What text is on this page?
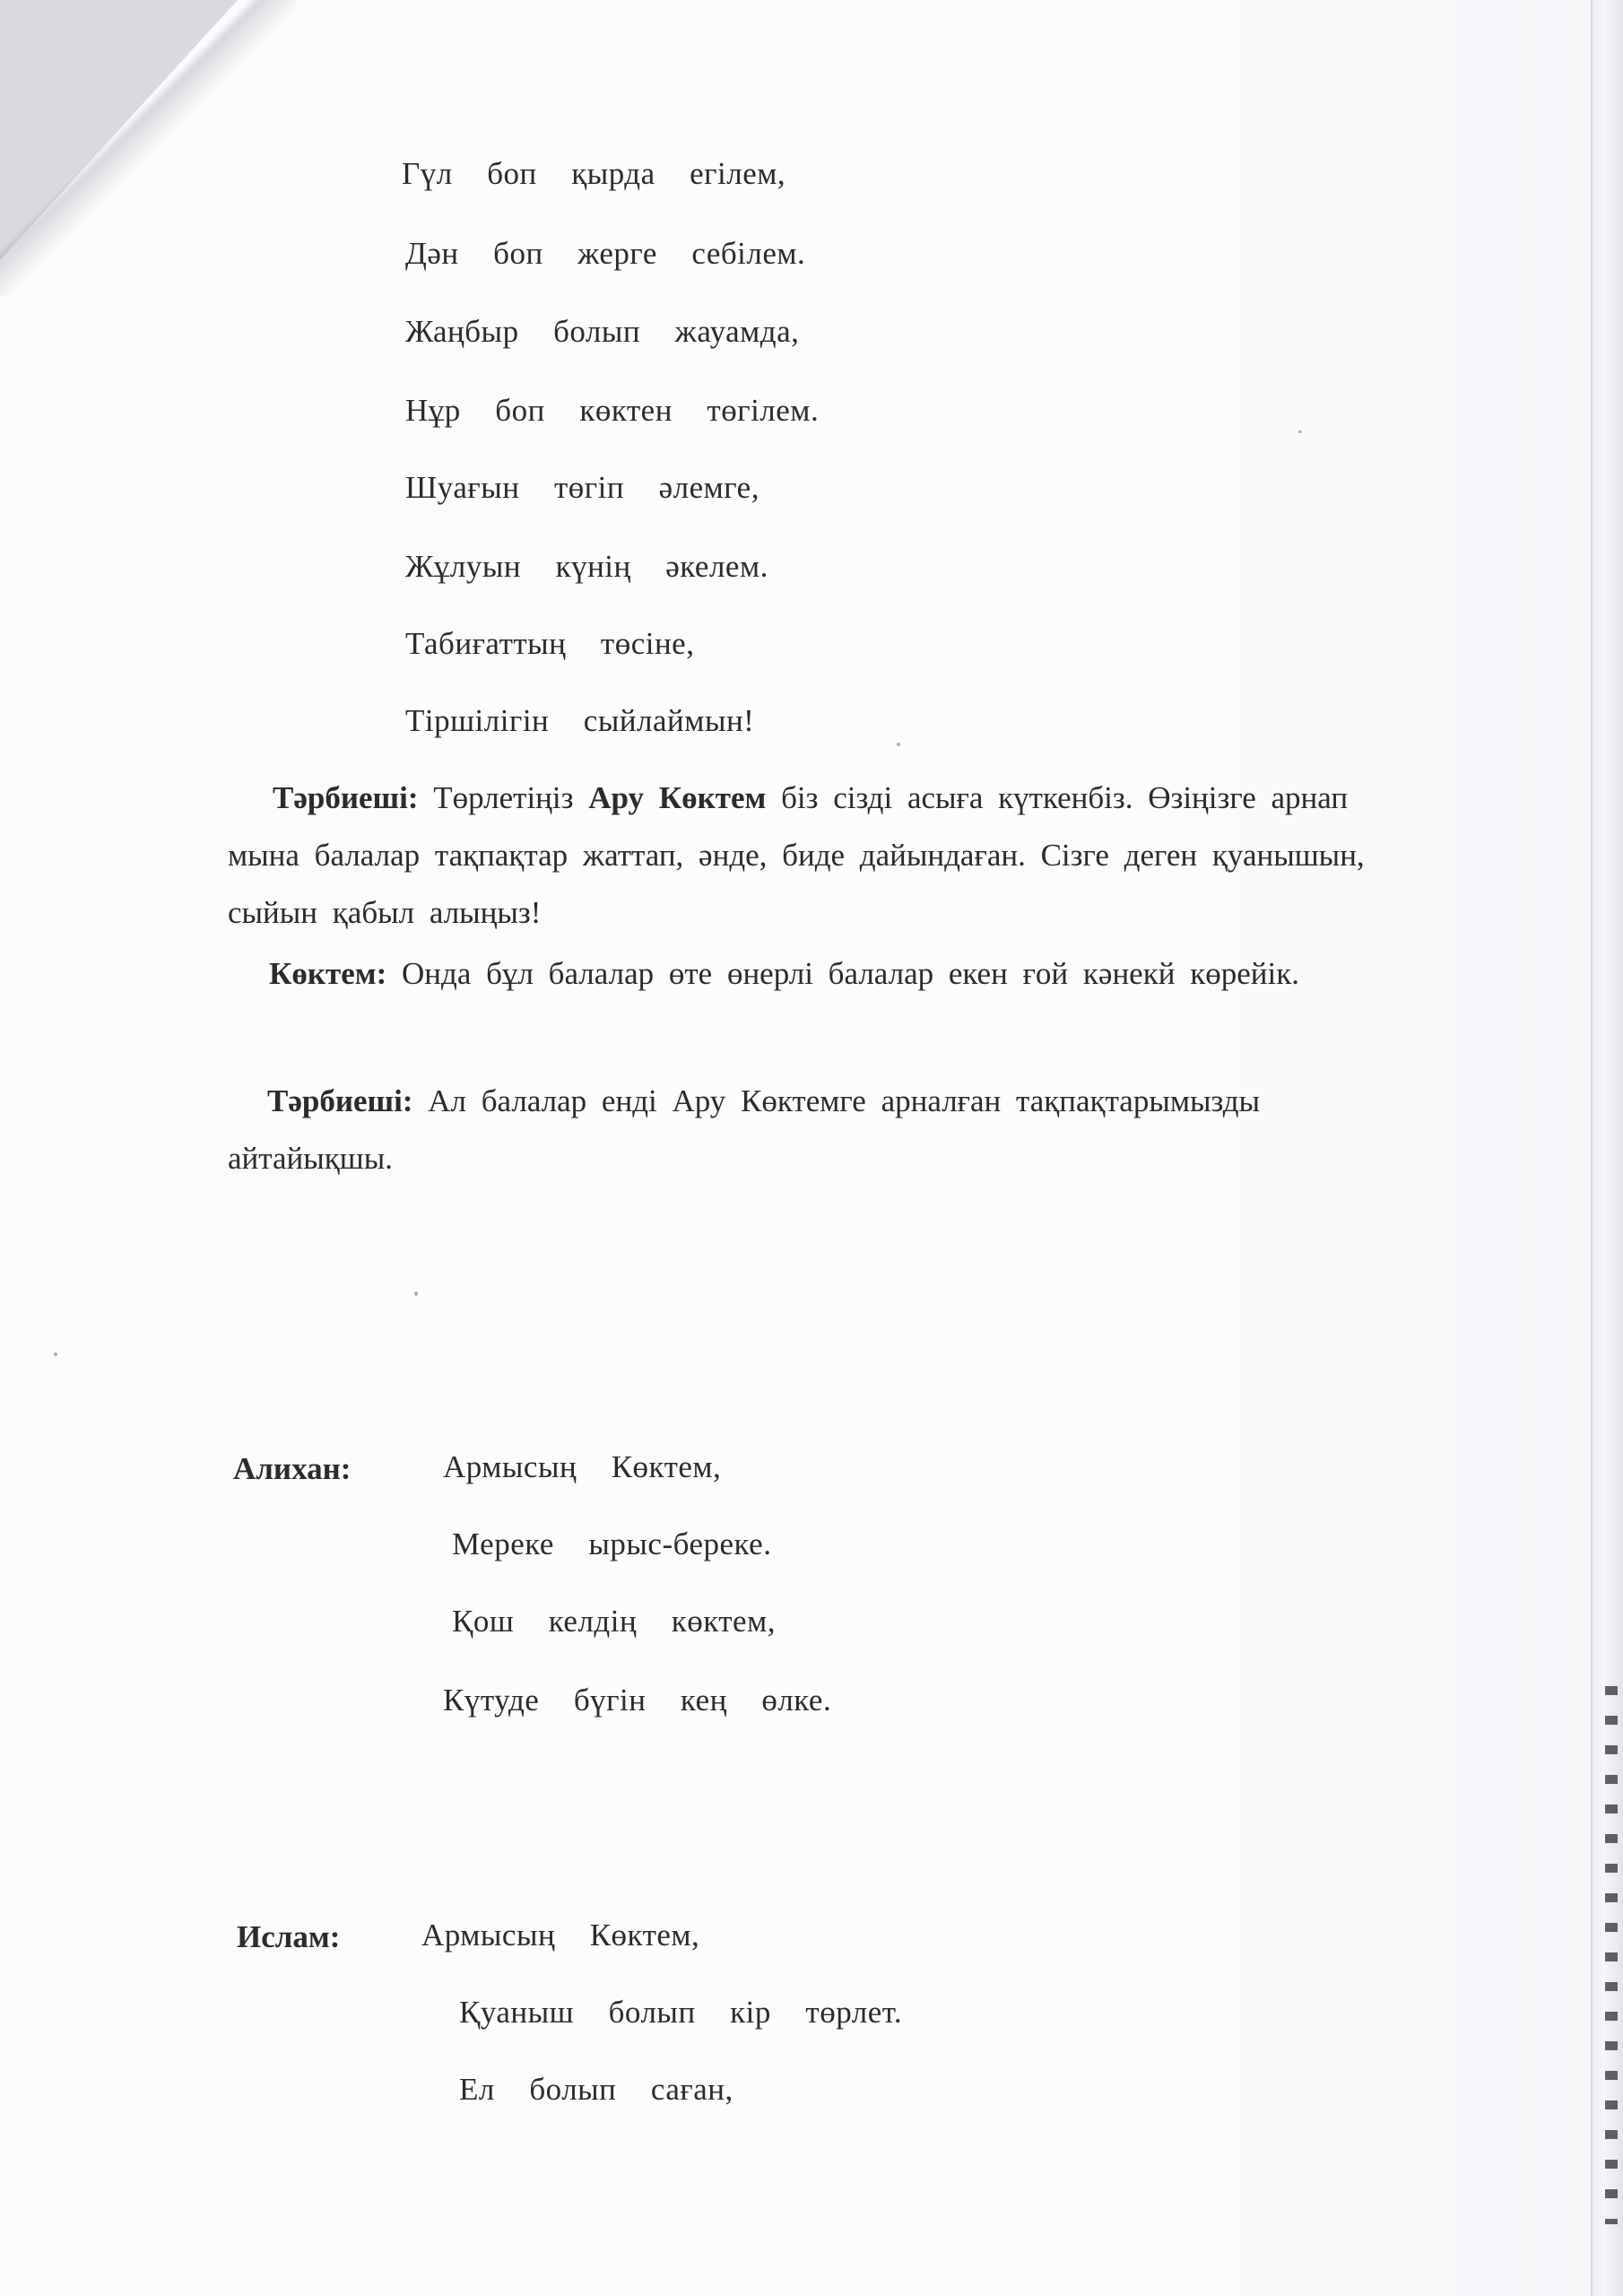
Гүл  боп  қырда  егілем,
Дән  боп  жерге  себілем.
Жаңбыр  болып  жауамда,
Нұр  боп  көктен  төгілем.
Шуағын  төгіп  әлемге,
Жұлуын  күнің  әкелем.
Табиғаттың  төсіне,
Тіршілігін  сыйлаймын!
Тәрбиеші: Төрлетіңіз Ару Көктем біз сізді асыға күткенбіз. Өзіңізге арнап мына балалар тақпақтар жаттап, әнде, биде дайындаған. Сізге деген қуанышын, сыйын қабыл алыңыз!
Көктем: Онда бұл балалар өте өнерлі балалар екен ғой кәнекй көрейік.
Тәрбиеші: Ал балалар енді Ару Көктемге арналған тақпақтарымызды айтайықшы.
Алихан:	Армысың  Көктем,
Мереке  ырыс-береке.
Қош  келдің  көктем,
Күтуде  бүгін  кең  өлке.
Ислам:	Армысың  Көктем,
Қуаныш  болып  кір  төрлет.
Ел  болып  саған,
